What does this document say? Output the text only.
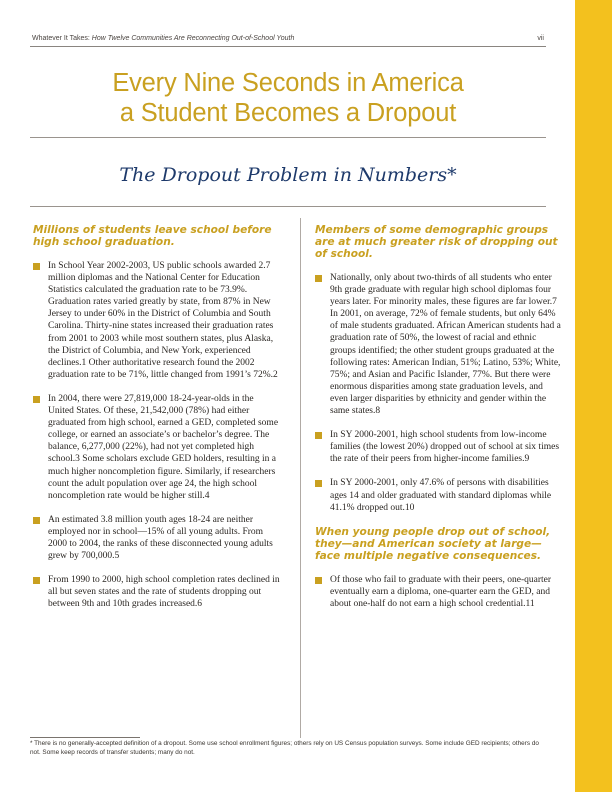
Whatever It Takes: How Twelve Communities Are Reconnecting Out-of-School Youth	vii
Every Nine Seconds in America
a Student Becomes a Dropout
The Dropout Problem in Numbers*
Millions of students leave school before high school graduation.
In School Year 2002-2003, US public schools awarded 2.7 million diplomas and the National Center for Education Statistics calculated the graduation rate to be 73.9%. Graduation rates varied greatly by state, from 87% in New Jersey to under 60% in the District of Columbia and South Carolina. Thirty-nine states increased their graduation rates from 2001 to 2003 while most southern states, plus Alaska, the District of Columbia, and New York, experienced declines.1 Other authoritative research found the 2002 graduation rate to be 71%, little changed from 1991’s 72%.2
In 2004, there were 27,819,000 18-24-year-olds in the United States. Of these, 21,542,000 (78%) had either graduated from high school, earned a GED, completed some college, or earned an associate’s or bachelor’s degree. The balance, 6,277,000 (22%), had not yet completed high school.3 Some scholars exclude GED holders, resulting in a much higher noncompletion figure. Similarly, if researchers count the adult population over age 24, the high school noncompletion rate would be higher still.4
An estimated 3.8 million youth ages 18-24 are neither employed nor in school—15% of all young adults. From 2000 to 2004, the ranks of these disconnected young adults grew by 700,000.5
From 1990 to 2000, high school completion rates declined in all but seven states and the rate of students dropping out between 9th and 10th grades increased.6
Members of some demographic groups are at much greater risk of dropping out of school.
Nationally, only about two-thirds of all students who enter 9th grade graduate with regular high school diplomas four years later. For minority males, these figures are far lower.7 In 2001, on average, 72% of female students, but only 64% of male students graduated. African American students had a graduation rate of 50%, the lowest of racial and ethnic groups identified; the other student groups graduated at the following rates: American Indian, 51%; Latino, 53%; White, 75%; and Asian and Pacific Islander, 77%. But there were enormous disparities among state graduation levels, and even larger disparities by ethnicity and gender within the same states.8
In SY 2000-2001, high school students from low-income families (the lowest 20%) dropped out of school at six times the rate of their peers from higher-income families.9
In SY 2000-2001, only 47.6% of persons with disabilities ages 14 and older graduated with standard diplomas while 41.1% dropped out.10
When young people drop out of school, they—and American society at large—face multiple negative consequences.
Of those who fail to graduate with their peers, one-quarter eventually earn a diploma, one-quarter earn the GED, and about one-half do not earn a high school credential.11
* There is no generally-accepted definition of a dropout. Some use school enrollment figures; others rely on US Census population surveys. Some include GED recipients; others do not. Some keep records of transfer students; many do not.
